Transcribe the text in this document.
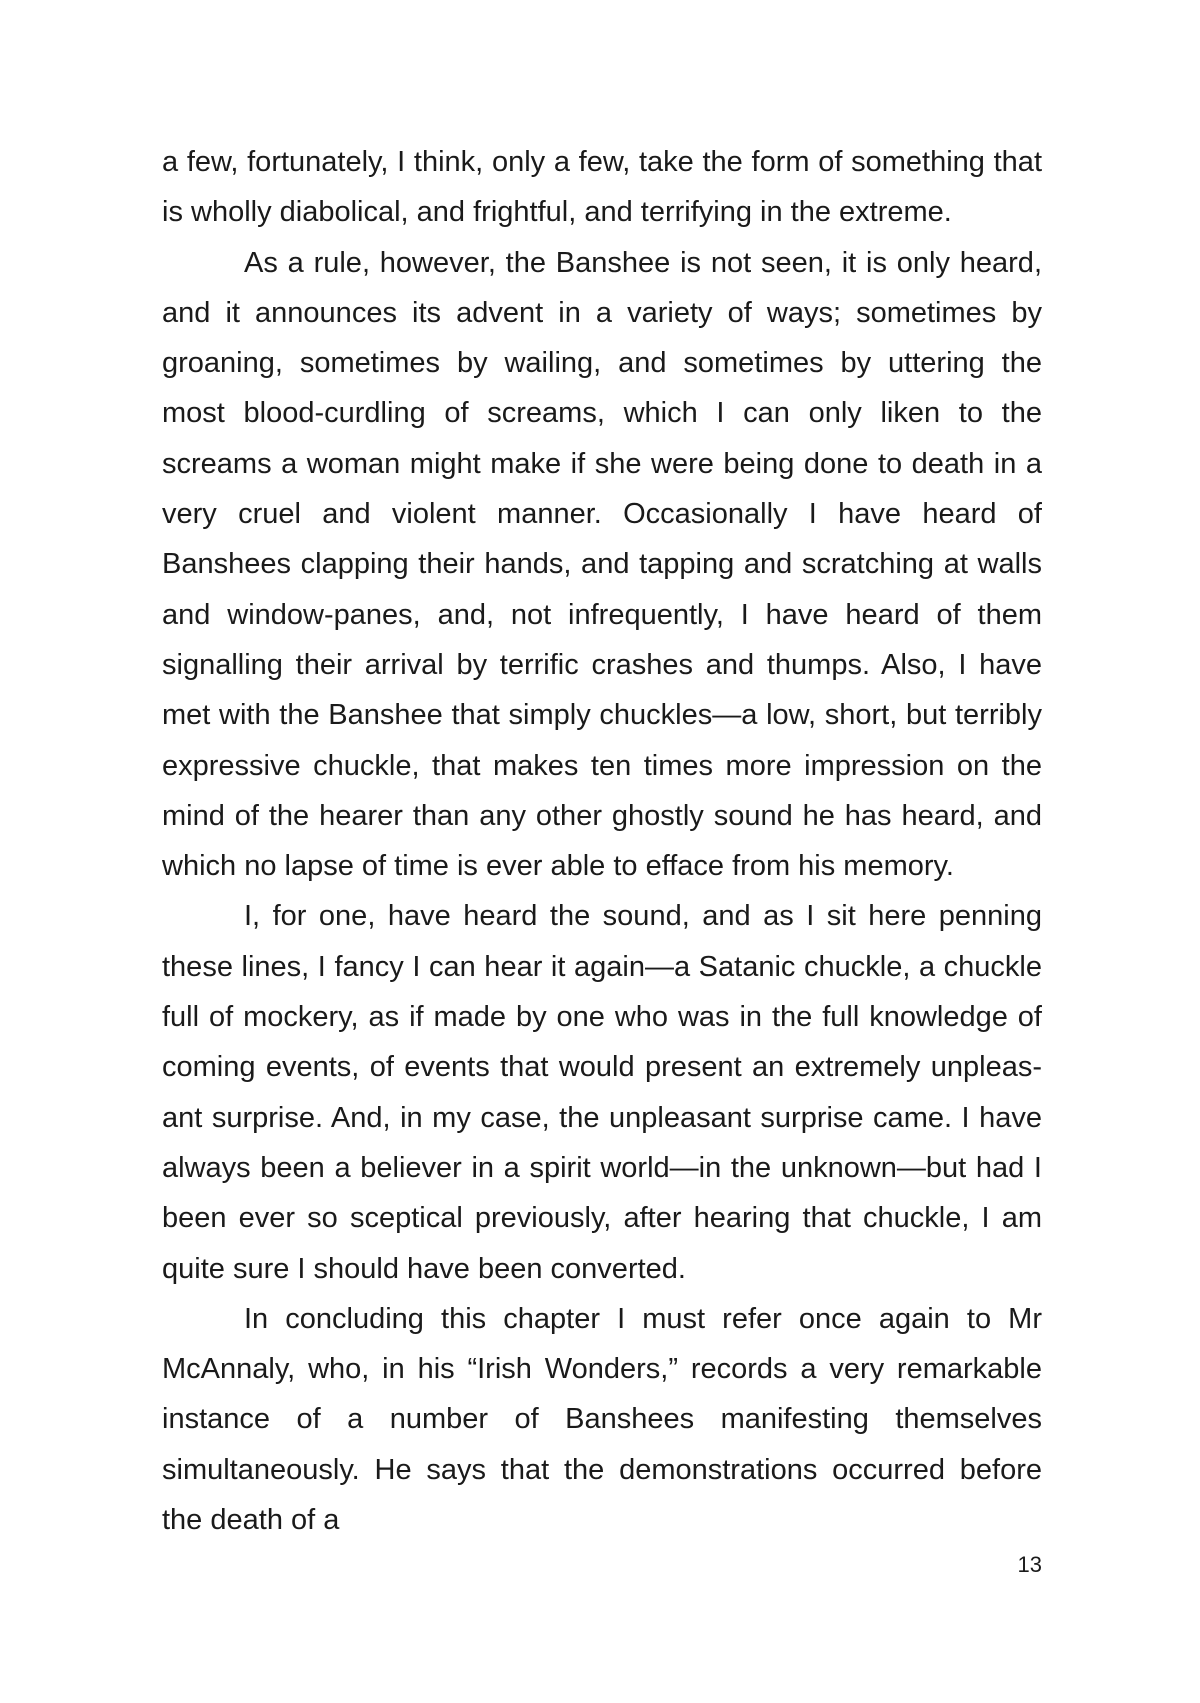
a few, fortunately, I think, only a few, take the form of something that is wholly diabolical, and frightful, and terrifying in the extreme.

As a rule, however, the Banshee is not seen, it is only heard, and it announces its advent in a variety of ways; sometimes by groaning, sometimes by wailing, and sometimes by uttering the most blood-curdling of screams, which I can only liken to the screams a woman might make if she were being done to death in a very cruel and violent manner. Occasionally I have heard of Banshees clapping their hands, and tapping and scratching at walls and window-panes, and, not infrequently, I have heard of them signalling their arrival by terrific crashes and thumps. Also, I have met with the Banshee that simply chuckles—a low, short, but terribly expressive chuckle, that makes ten times more impression on the mind of the hearer than any other ghostly sound he has heard, and which no lapse of time is ever able to efface from his memory.

I, for one, have heard the sound, and as I sit here penning these lines, I fancy I can hear it again—a Satanic chuckle, a chuckle full of mockery, as if made by one who was in the full knowledge of coming events, of events that would present an extremely unpleasant surprise. And, in my case, the unpleasant surprise came. I have always been a believer in a spirit world—in the unknown—but had I been ever so sceptical previously, after hearing that chuckle, I am quite sure I should have been converted.

In concluding this chapter I must refer once again to Mr McAnnaly, who, in his “Irish Wonders,” records a very remarkable instance of a number of Banshees manifesting themselves simultaneously. He says that the demonstrations occurred before the death of a

13
